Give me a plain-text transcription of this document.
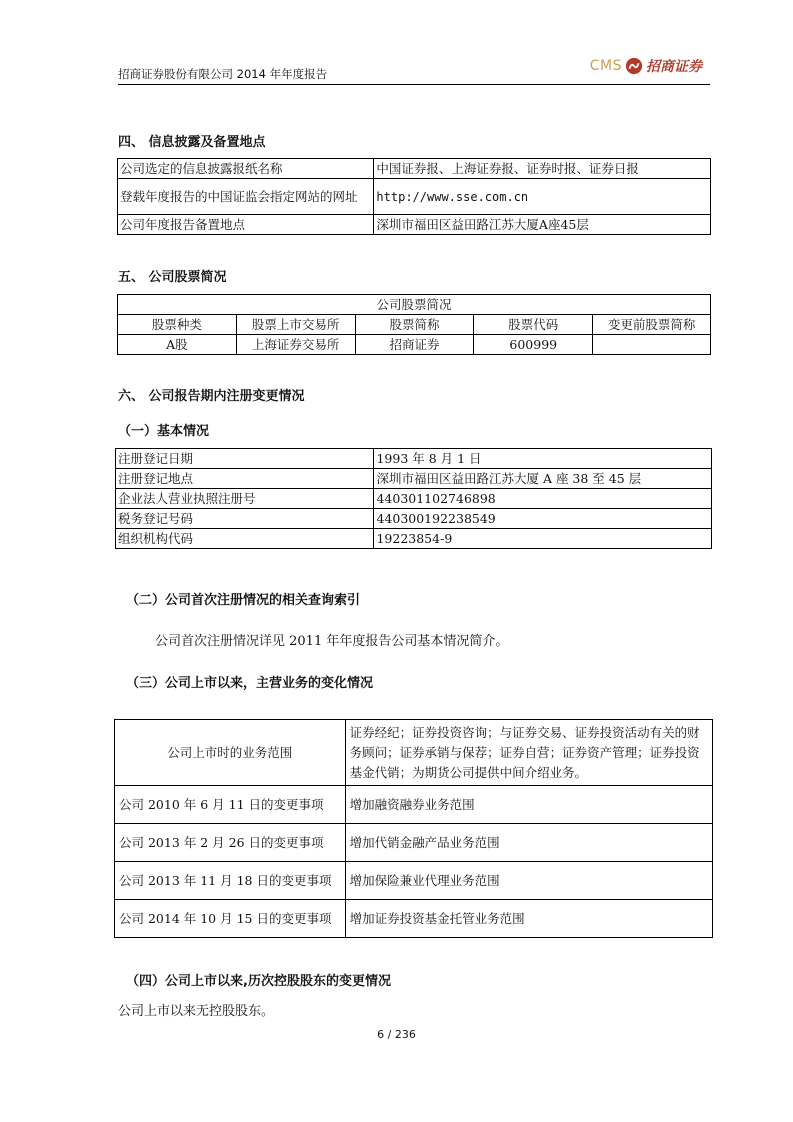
招商证券股份有限公司 2014 年年度报告	CMS 招商证券
四、 信息披露及备置地点
公司选定的信息披露报纸名称	中国证券报、上海证券报、证券时报、证券日报
登载年度报告的中国证监会指定网站的网址	http://www.sse.com.cn
公司年度报告备置地点	深圳市福田区益田路江苏大厦A座45层
五、 公司股票简况
公司股票简况				
股票种类	股票上市交易所	股票简称	股票代码	变更前股票简称
A股	上海证券交易所	招商证券	600999	
六、 公司报告期内注册变更情况
（一）基本情况
注册登记日期	1993 年 8 月 1 日
注册登记地点	深圳市福田区益田路江苏大厦 A 座 38 至 45 层
企业法人营业执照注册号	440301102746898
税务登记号码	440300192238549
组织机构代码	19223854-9
（二）公司首次注册情况的相关查询索引
公司首次注册情况详见 2011 年年度报告公司基本情况简介。
（三）公司上市以来，主营业务的变化情况
公司上市时的业务范围	证券经纪；证券投资咨询；与证券交易、证券投资活动有关的财务顾问；证券承销与保荐；证券自营；证券资产管理；证券投资基金代销；为期货公司提供中间介绍业务。
公司 2010 年 6 月 11 日的变更事项	增加融资融券业务范围
公司 2013 年 2 月 26 日的变更事项	增加代销金融产品业务范围
公司 2013 年 11 月 18 日的变更事项	增加保险兼业代理业务范围
公司 2014 年 10 月 15 日的变更事项	增加证券投资基金托管业务范围
（四）公司上市以来,历次控股股东的变更情况
公司上市以来无控股股东。
6 / 236
